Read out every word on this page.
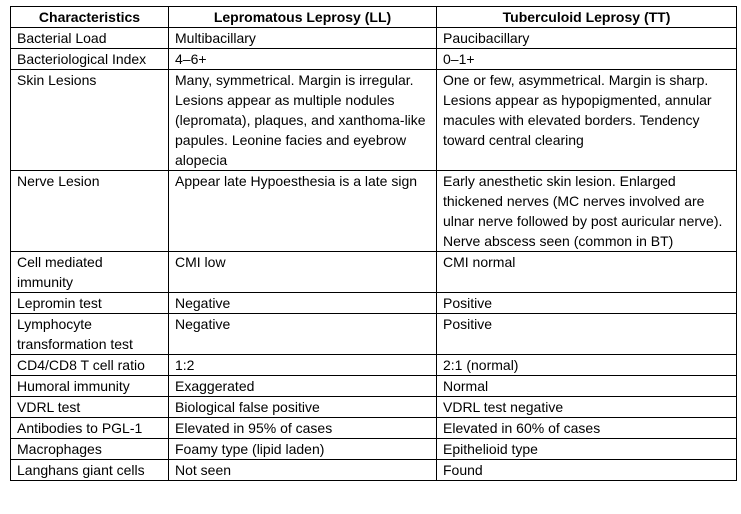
Characteristics	Lepromatous Leprosy (LL)	Tuberculoid Leprosy (TT)
Bacterial Load	Multibacillary	Paucibacillary
Bacteriological Index	4–6+	0–1+
Skin Lesions	Many, symmetrical. Margin is irregular. Lesions appear as multiple nodules (lepromata), plaques, and xanthoma-like papules. Leonine facies and eyebrow alopecia	One or few, asymmetrical. Margin is sharp. Lesions appear as hypopigmented, annular macules with elevated borders. Tendency toward central clearing
Nerve Lesion	Appear late Hypoesthesia is a late sign	Early anesthetic skin lesion. Enlarged thickened nerves (MC nerves involved are ulnar nerve followed by post auricular nerve). Nerve abscess seen (common in BT)
Cell mediated immunity	CMI low	CMI normal
Lepromin test	Negative	Positive
Lymphocyte transformation test	Negative	Positive
CD4/CD8 T cell ratio	1:2	2:1 (normal)
Humoral immunity	Exaggerated	Normal
VDRL test	Biological false positive	VDRL test negative
Antibodies to PGL-1	Elevated in 95% of cases	Elevated in 60% of cases
Macrophages	Foamy type (lipid laden)	Epithelioid type
Langhans giant cells	Not seen	Found
